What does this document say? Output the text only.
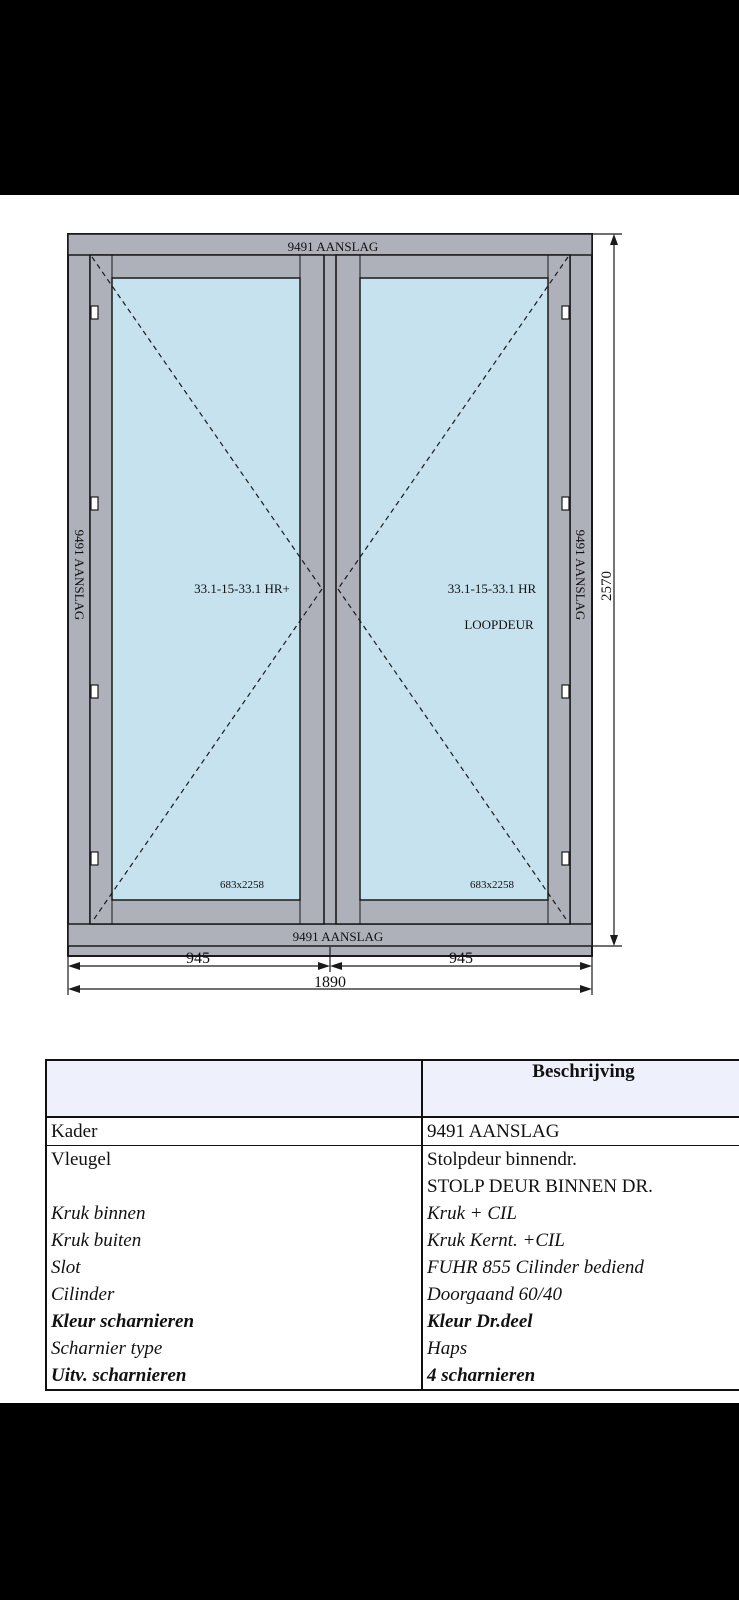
9491 AANSLAG
9491 AANSLAG
9491 AANSLAG	9491 AANSLAG
33.1-15-33.1 HR+	33.1-15-33.1 HR
LOOPDEUR
683x2258	683x2258
2570
945	945
1890
	Beschrijving
Kader	9491 AANSLAG
Vleugel	Stolpdeur binnendr.
	STOLP DEUR BINNEN DR.
Kruk binnen	Kruk + CIL
Kruk buiten	Kruk Kernt. +CIL
Slot	FUHR 855 Cilinder bediend
Cilinder	Doorgaand 60/40
Kleur scharnieren	Kleur Dr.deel
Scharnier type	Haps
Uitv. scharnieren	4 scharnieren
